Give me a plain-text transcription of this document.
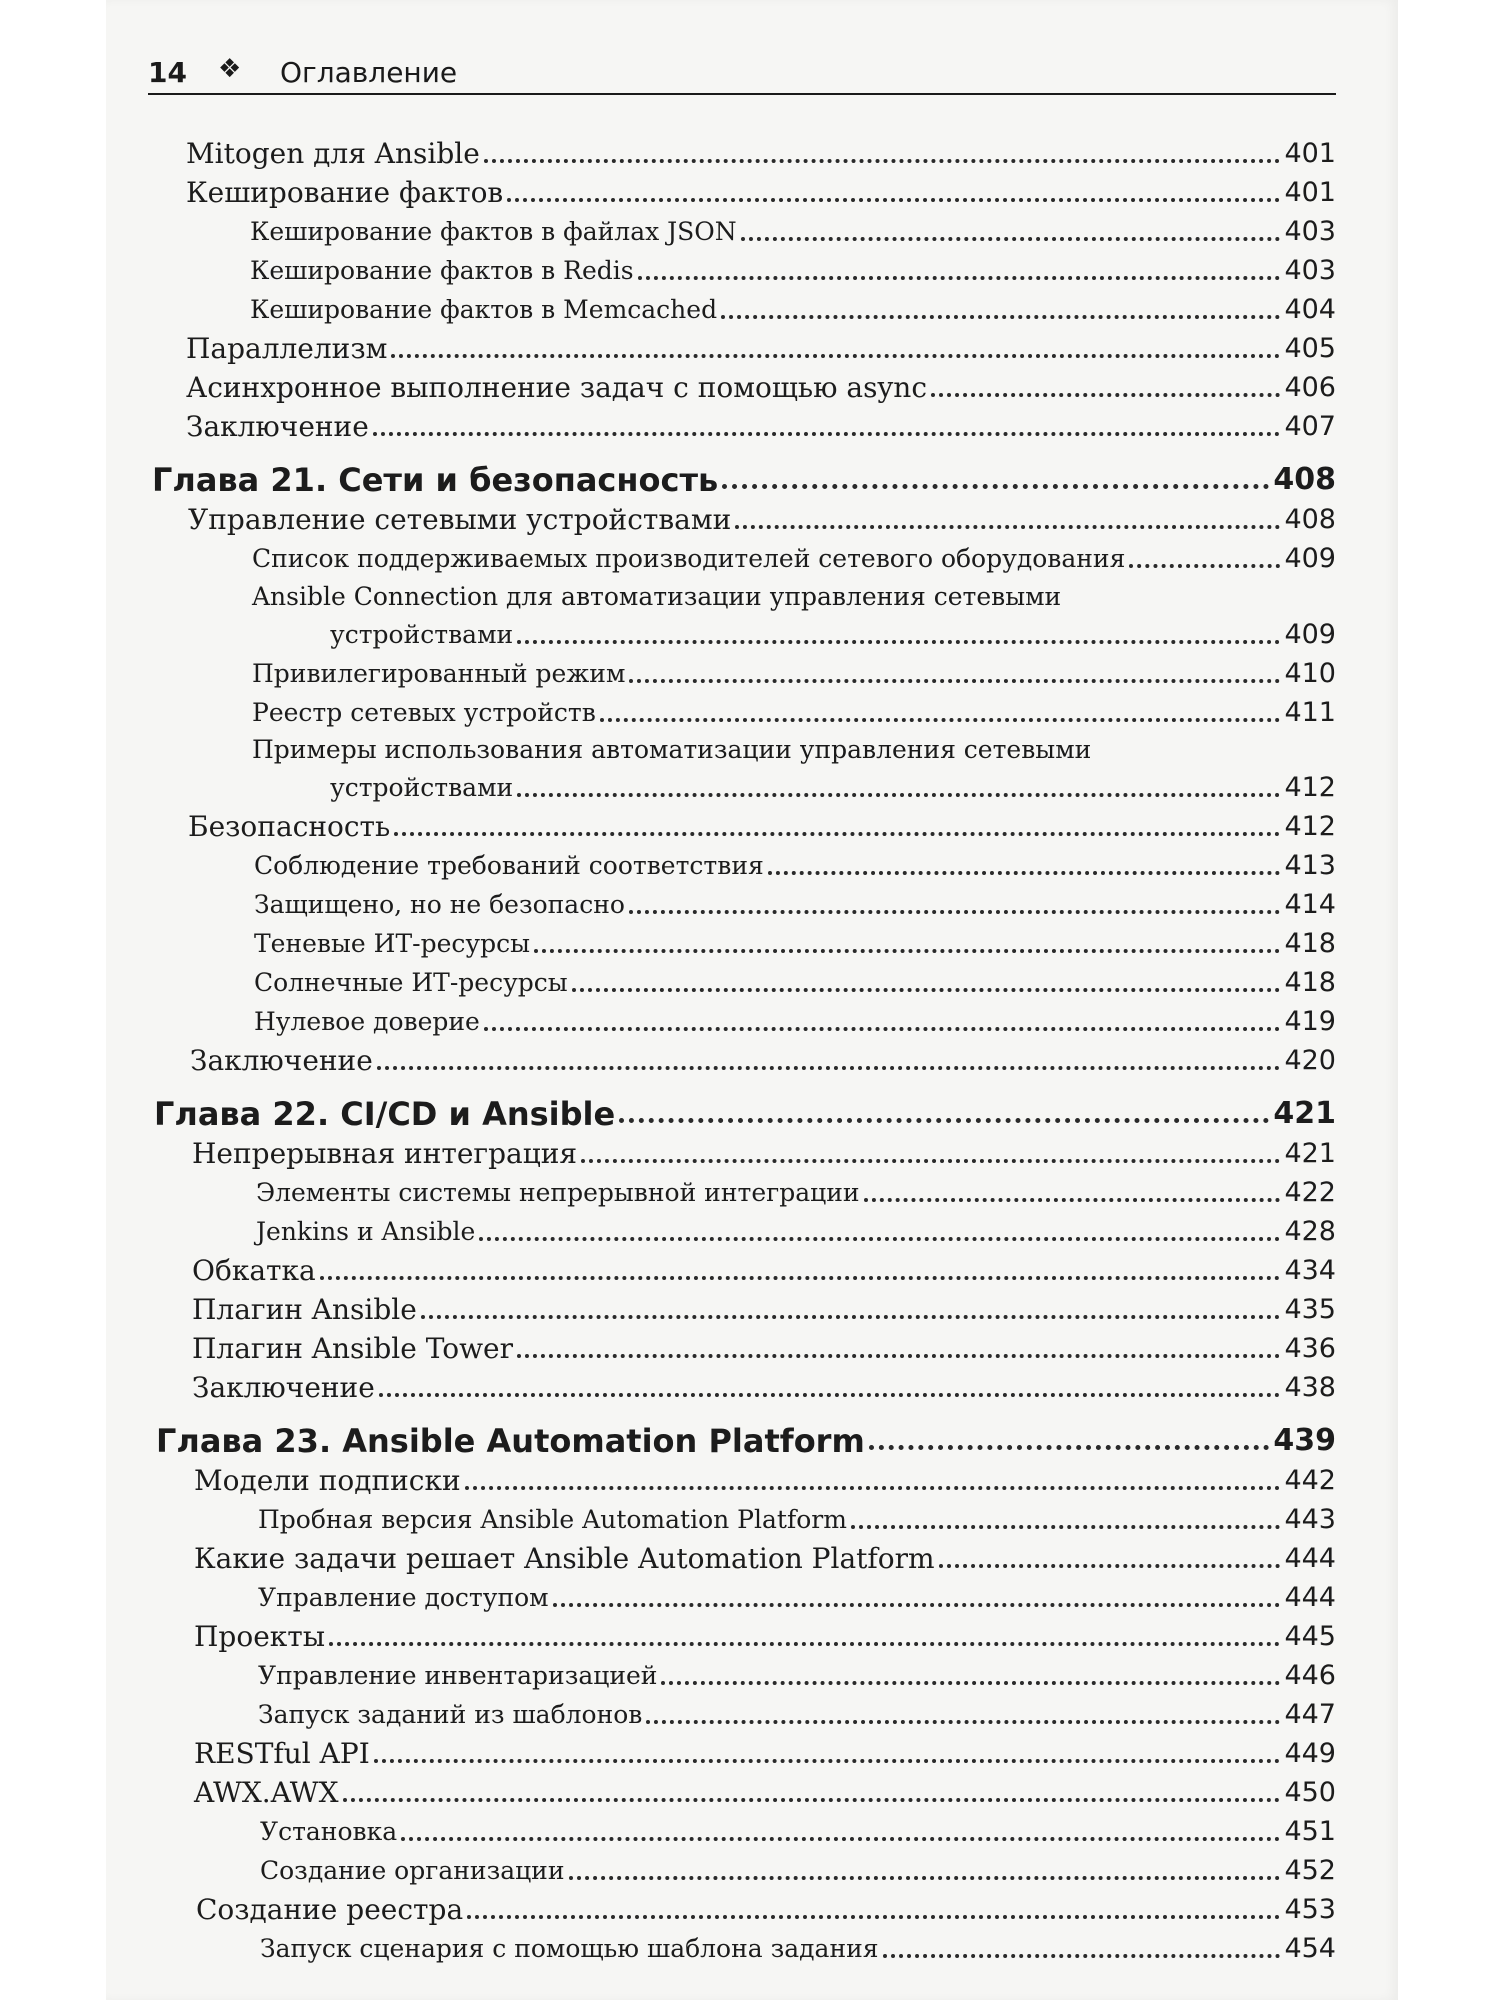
14 ❖ Оглавление
Mitogen для Ansible	401
Кеширование фактов	401
Кеширование фактов в файлах JSON	403
Кеширование фактов в Redis	403
Кеширование фактов в Memcached	404
Параллелизм	405
Асинхронное выполнение задач с помощью async	406
Заключение	407
Глава 21. Сети и безопасность	408
Управление сетевыми устройствами	408
Список поддерживаемых производителей сетевого оборудования	409
Ansible Connection для автоматизации управления сетевыми
устройствами	409
Привилегированный режим	410
Реестр сетевых устройств	411
Примеры использования автоматизации управления сетевыми
устройствами	412
Безопасность	412
Соблюдение требований соответствия	413
Защищено, но не безопасно	414
Теневые ИТ-ресурсы	418
Солнечные ИТ-ресурсы	418
Нулевое доверие	419
Заключение	420
Глава 22. CI/CD и Ansible	421
Непрерывная интеграция	421
Элементы системы непрерывной интеграции	422
Jenkins и Ansible	428
Обкатка	434
Плагин Ansible	435
Плагин Ansible Tower	436
Заключение	438
Глава 23. Ansible Automation Platform	439
Модели подписки	442
Пробная версия Ansible Automation Platform	443
Какие задачи решает Ansible Automation Platform	444
Управление доступом	444
Проекты	445
Управление инвентаризацией	446
Запуск заданий из шаблонов	447
RESTful API	449
AWX.AWX	450
Установка	451
Создание организации	452
Создание реестра	453
Запуск сценария с помощью шаблона задания	454
